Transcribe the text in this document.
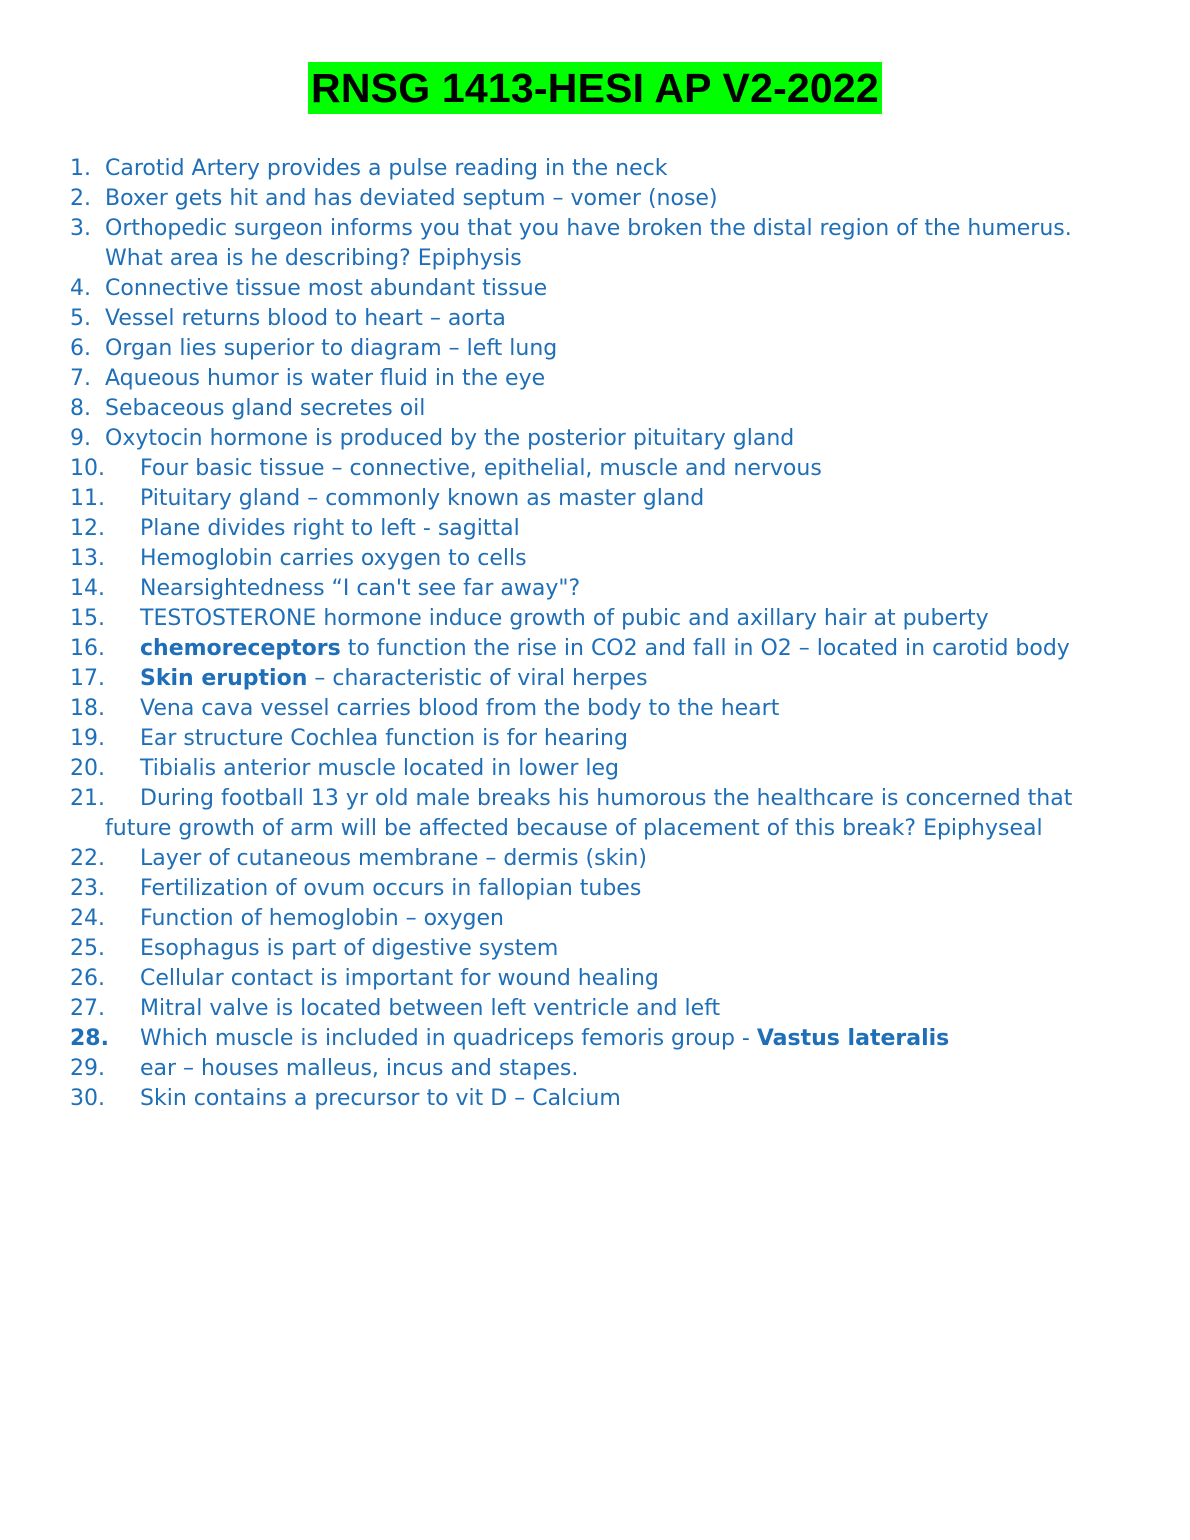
RNSG 1413-HESI AP V2-2022
1. Carotid Artery provides a pulse reading in the neck
2. Boxer gets hit and has deviated septum – vomer (nose)
3. Orthopedic surgeon informs you that you have broken the distal region of the humerus. What area is he describing? Epiphysis
4. Connective tissue most abundant tissue
5. Vessel returns blood to heart – aorta
6. Organ lies superior to diagram – left lung
7. Aqueous humor is water fluid in the eye
8. Sebaceous gland secretes oil
9. Oxytocin hormone is produced by the posterior pituitary gland
10.	Four basic tissue – connective, epithelial, muscle and nervous
11.	Pituitary gland – commonly known as master gland
12.	Plane divides right to left - sagittal
13.	Hemoglobin carries oxygen to cells
14.	Nearsightedness “I can't see far away"?
15.	TESTOSTERONE hormone induce growth of pubic and axillary hair at puberty
16.	chemoreceptors to function the rise in CO2 and fall in O2 – located in carotid body
17.	Skin eruption – characteristic of viral herpes
18.	Vena cava vessel carries blood from the body to the heart
19.	Ear structure Cochlea function is for hearing
20.	Tibialis anterior muscle located in lower leg
21.	During football 13 yr old male breaks his humorous the healthcare is concerned that future growth of arm will be affected because of placement of this break? Epiphyseal
22.	Layer of cutaneous membrane – dermis (skin)
23.	Fertilization of ovum occurs in fallopian tubes
24.	Function of hemoglobin – oxygen
25.	Esophagus is part of digestive system
26.	Cellular contact is important for wound healing
27.	Mitral valve is located between left ventricle and left
28.	Which muscle is included in quadriceps femoris group - Vastus lateralis
29.	ear – houses malleus, incus and stapes.
30.	Skin contains a precursor to vit D – Calcium
